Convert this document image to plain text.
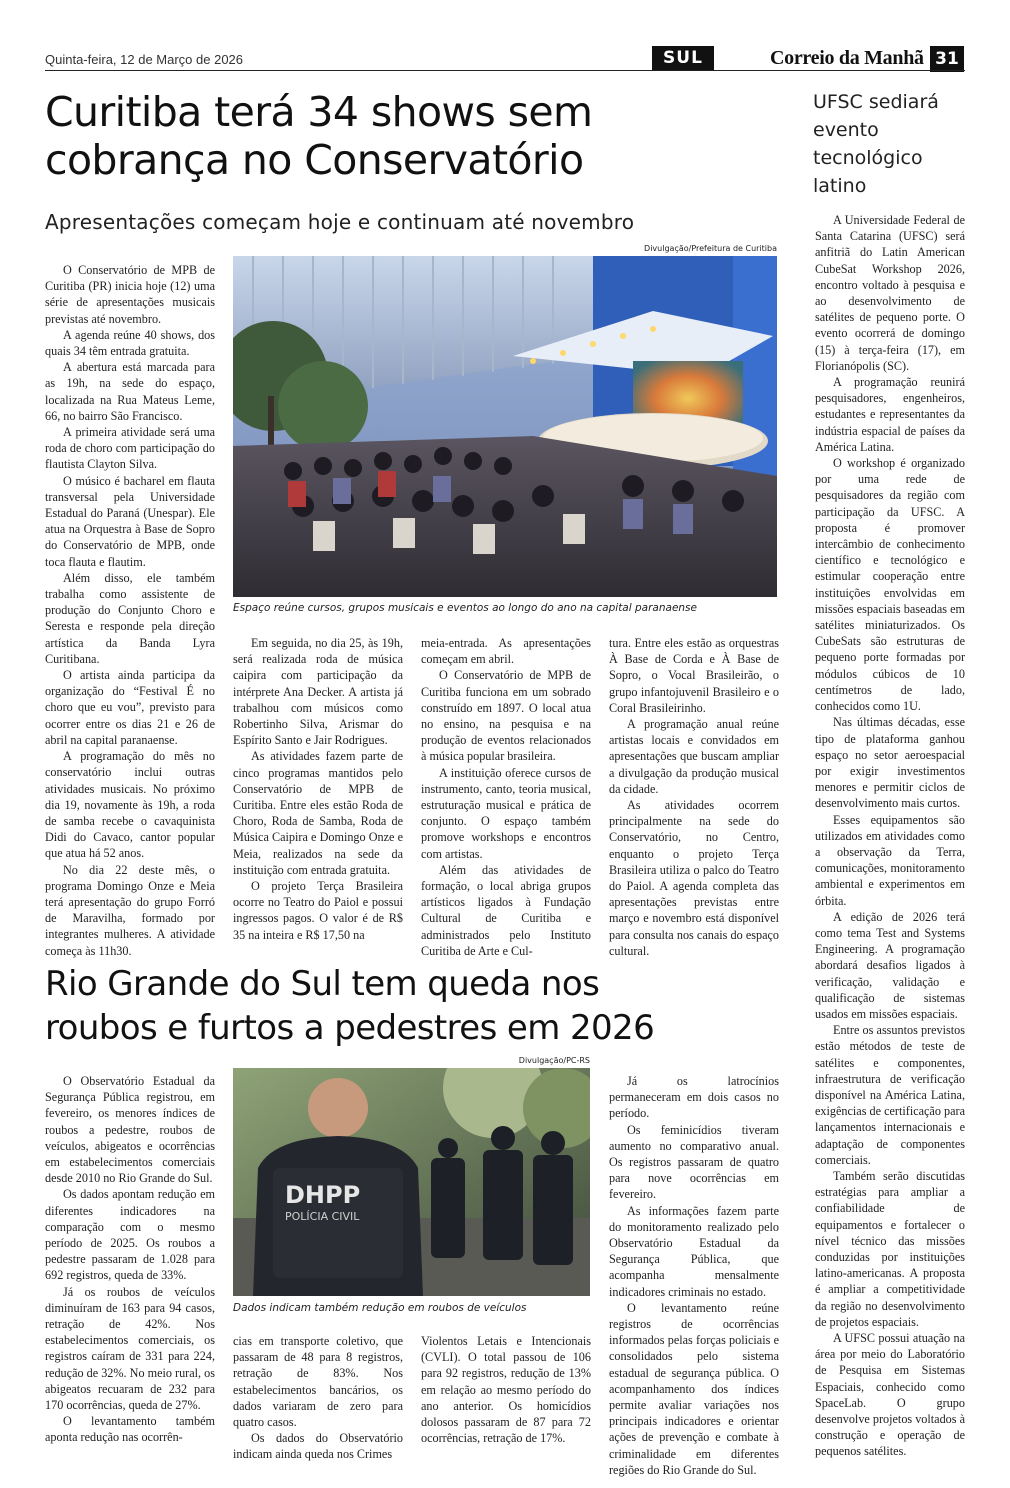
Quinta-feira, 12 de Março de 2026	SUL	Correio da Manhã 31
Curitiba terá 34 shows sem
cobrança no Conservatório
Apresentações começam hoje e continuam até novembro
Divulgação/Prefeitura de Curitiba
Espaço reúne cursos, grupos musicais e eventos ao longo do ano na capital paranaense

O Conservatório de MPB de Curitiba (PR) inicia hoje (12) uma série de apresentações musicais previstas até novembro.

A agenda reúne 40 shows, dos quais 34 têm entrada gratuita.

A abertura está marcada para as 19h, na sede do espaço, localizada na Rua Mateus Leme, 66, no bairro São Francisco.

A primeira atividade será uma roda de choro com participação do flautista Clayton Silva.

O músico é bacharel em flauta transversal pela Universidade Estadual do Paraná (Unespar). Ele atua na Orquestra à Base de Sopro do Conservatório de MPB, onde toca flauta e flautim.

Além disso, ele também trabalha como assistente de produção do Conjunto Choro e Seresta e responde pela direção artística da Banda Lyra Curitibana.

O artista ainda participa da organização do “Festival É no choro que eu vou”, previsto para ocorrer entre os dias 21 e 26 de abril na capital paranaense.

A programação do mês no conservatório inclui outras atividades musicais. No próximo dia 19, novamente às 19h, a roda de samba recebe o cavaquinista Didi do Cavaco, cantor popular que atua há 52 anos.

No dia 22 deste mês, o programa Domingo Onze e Meia terá apresentação do grupo Forró de Maravilha, formado por integrantes mulheres. A atividade começa às 11h30.

Em seguida, no dia 25, às 19h, será realizada roda de música caipira com participação da intérprete Ana Decker. A artista já trabalhou com músicos como Robertinho Silva, Arismar do Espírito Santo e Jair Rodrigues.

As atividades fazem parte de cinco programas mantidos pelo Conservatório de MPB de Curitiba. Entre eles estão Roda de Choro, Roda de Samba, Roda de Música Caipira e Domingo Onze e Meia, realizados na sede da instituição com entrada gratuita.

O projeto Terça Brasileira ocorre no Teatro do Paiol e possui ingressos pagos. O valor é de R$ 35 na inteira e R$ 17,50 na

meia-entrada. As apresentações começam em abril.

O Conservatório de MPB de Curitiba funciona em um sobrado construído em 1897. O local atua no ensino, na pesquisa e na produção de eventos relacionados à música popular brasileira.

A instituição oferece cursos de instrumento, canto, teoria musical, estruturação musical e prática de conjunto. O espaço também promove workshops e encontros com artistas.

Além das atividades de formação, o local abriga grupos artísticos ligados à Fundação Cultural de Curitiba e administrados pelo Instituto Curitiba de Arte e Cul-

tura. Entre eles estão as orquestras À Base de Corda e À Base de Sopro, o Vocal Brasileirão, o grupo infantojuvenil Brasileiro e o Coral Brasileirinho.

A programação anual reúne artistas locais e convidados em apresentações que buscam ampliar a divulgação da produção musical da cidade.

As atividades ocorrem principalmente na sede do Conservatório, no Centro, enquanto o projeto Terça Brasileira utiliza o palco do Teatro do Paiol. A agenda completa das apresentações previstas entre março e novembro está disponível para consulta nos canais do espaço cultural.

Rio Grande do Sul tem queda nos
roubos e furtos a pedestres em 2026
Divulgação/PC-RS
DHPP
POLÍCIA CIVIL
Dados indicam também redução em roubos de veículos

O Observatório Estadual da Segurança Pública registrou, em fevereiro, os menores índices de roubos a pedestre, roubos de veículos, abigeatos e ocorrências em estabelecimentos comerciais desde 2010 no Rio Grande do Sul.

Os dados apontam redução em diferentes indicadores na comparação com o mesmo período de 2025. Os roubos a pedestre passaram de 1.028 para 692 registros, queda de 33%.

Já os roubos de veículos diminuíram de 163 para 94 casos, retração de 42%. Nos estabelecimentos comerciais, os registros caíram de 331 para 224, redução de 32%. No meio rural, os abigeatos recuaram de 232 para 170 ocorrências, queda de 27%.

O levantamento também aponta redução nas ocorrên-

cias em transporte coletivo, que passaram de 48 para 8 registros, retração de 83%. Nos estabelecimentos bancários, os dados variaram de zero para quatro casos.

Os dados do Observatório indicam ainda queda nos Crimes

Violentos Letais e Intencionais (CVLI). O total passou de 106 para 92 registros, redução de 13% em relação ao mesmo período do ano anterior. Os homicídios dolosos passaram de 87 para 72 ocorrências, retração de 17%.

Já os latrocínios permaneceram em dois casos no período.

Os feminicídios tiveram aumento no comparativo anual. Os registros passaram de quatro para nove ocorrências em fevereiro.

As informações fazem parte do monitoramento realizado pelo Observatório Estadual da Segurança Pública, que acompanha mensalmente indicadores criminais no estado.

O levantamento reúne registros de ocorrências informados pelas forças policiais e consolidados pelo sistema estadual de segurança pública. O acompanhamento dos índices permite avaliar variações nos principais indicadores e orientar ações de prevenção e combate à criminalidade em diferentes regiões do Rio Grande do Sul.

UFSC sediará
evento
tecnológico
latino

A Universidade Federal de Santa Catarina (UFSC) será anfitriã do Latin American CubeSat Workshop 2026, encontro voltado à pesquisa e ao desenvolvimento de satélites de pequeno porte. O evento ocorrerá de domingo (15) à terça-feira (17), em Florianópolis (SC).

A programação reunirá pesquisadores, engenheiros, estudantes e representantes da indústria espacial de países da América Latina.

O workshop é organizado por uma rede de pesquisadores da região com participação da UFSC. A proposta é promover intercâmbio de conhecimento científico e tecnológico e estimular cooperação entre instituições envolvidas em missões espaciais baseadas em satélites miniaturizados. Os CubeSats são estruturas de pequeno porte formadas por módulos cúbicos de 10 centímetros de lado, conhecidos como 1U.

Nas últimas décadas, esse tipo de plataforma ganhou espaço no setor aeroespacial por exigir investimentos menores e permitir ciclos de desenvolvimento mais curtos.

Esses equipamentos são utilizados em atividades como a observação da Terra, comunicações, monitoramento ambiental e experimentos em órbita.

A edição de 2026 terá como tema Test and Systems Engineering. A programação abordará desafios ligados à verificação, validação e qualificação de sistemas usados em missões espaciais.

Entre os assuntos previstos estão métodos de teste de satélites e componentes, infraestrutura de verificação disponível na América Latina, exigências de certificação para lançamentos internacionais e adaptação de componentes comerciais.

Também serão discutidas estratégias para ampliar a confiabilidade de equipamentos e fortalecer o nível técnico das missões conduzidas por instituições latino-americanas. A proposta é ampliar a competitividade da região no desenvolvimento de projetos espaciais.

A UFSC possui atuação na área por meio do Laboratório de Pesquisa em Sistemas Espaciais, conhecido como SpaceLab. O grupo desenvolve projetos voltados à construção e operação de pequenos satélites.
